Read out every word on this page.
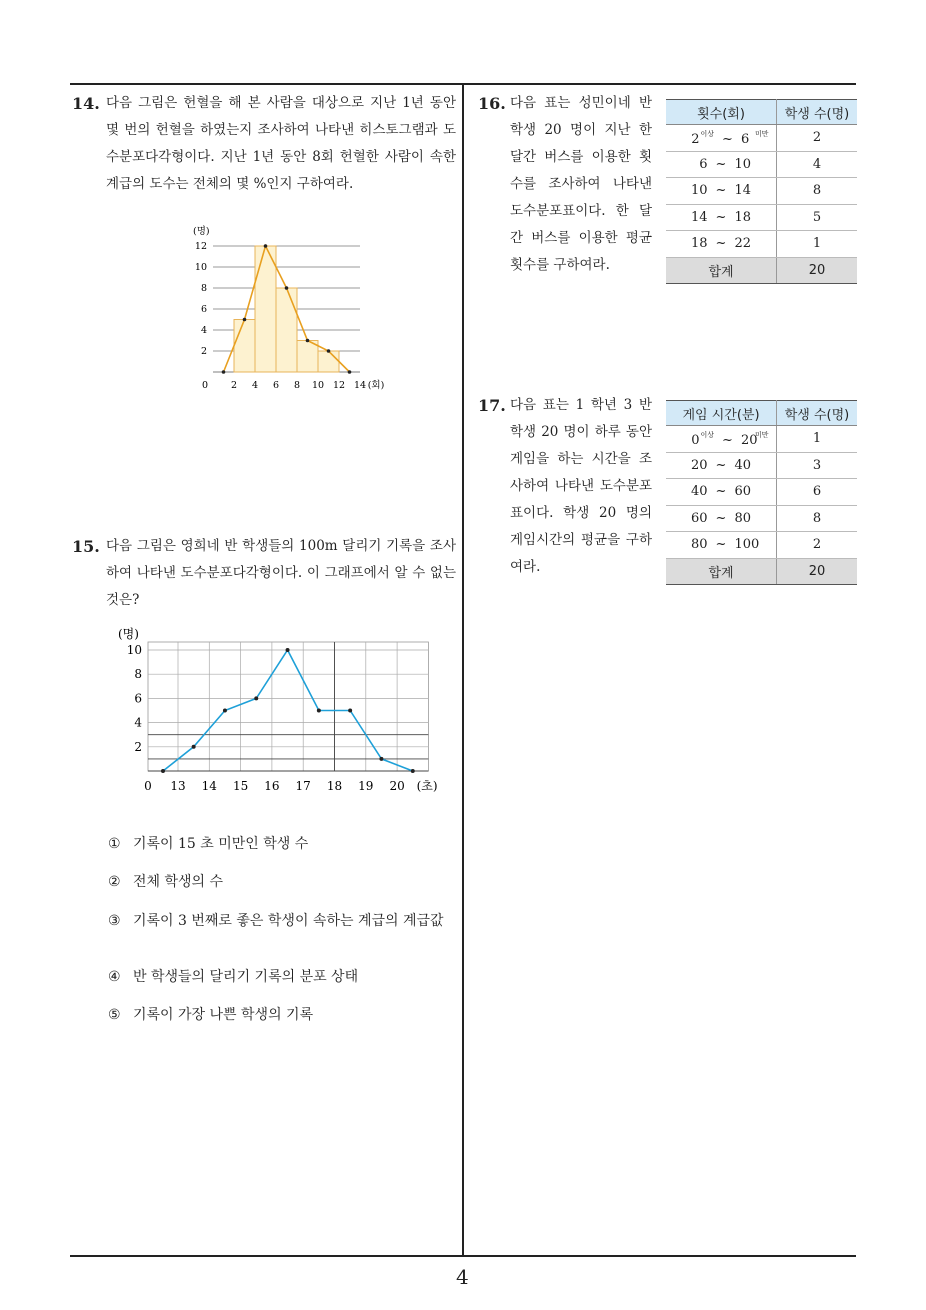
14. 다음 그림은 헌혈을 해 본 사람을 대상으로 지난 1년 동안 몇 번의 헌혈을 하였는지 조사하여 나타낸 히스토그램과 도수분포다각형이다. 지난 1년 동안 8회 헌혈한 사람이 속한 계급의 도수는 전체의 몇 %인지 구하여라.
2
4
6
8
10
12
0 2 4 6 8 10 12 14 (회)
(명)
15. 다음 그림은 영희네 반 학생들의 100m 달리기 기록을 조사하여 나타낸 도수분포다각형이다. 이 그래프에서 알 수 없는 것은?
2
4
6
8
10
0 13 14 15 16 17 18 19 20 (초)
(명)
① 기록이 15 초 미만인 학생 수
② 전체 학생의 수
③ 기록이 3 번째로 좋은 학생이 속하는 계급의 계급값
④ 반 학생들의 달리기 기록의 분포 상태
⑤ 기록이 가장 나쁜 학생의 기록
16. 다음 표는 성민이네 반 학생 20 명이 지난 한 달간 버스를 이용한 횟수를 조사하여 나타낸 도수분포표이다. 한 달간 버스를 이용한 평균 횟수를 구하여라.
횟수(회)	학생 수(명)
$2^{이상}$ ~ 6 $^{미만}$	2
6 ~ 10	4
10 ~ 14	8
14 ~ 18	5
18 ~ 22	1
합계	20
17. 다음 표는 1 학년 3 반 학생 20 명이 하루 동안 게임을 하는 시간을 조사하여 나타낸 도수분포표이다. 학생 20 명의 게임시간의 평균을 구하여라.
게임 시간(분)	학생 수(명)
$0^{이상}$ ~ $20^{미만}$	1
20 ~ 40	3
40 ~ 60	6
60 ~ 80	8
80 ~ 100	2
합계	20
4
